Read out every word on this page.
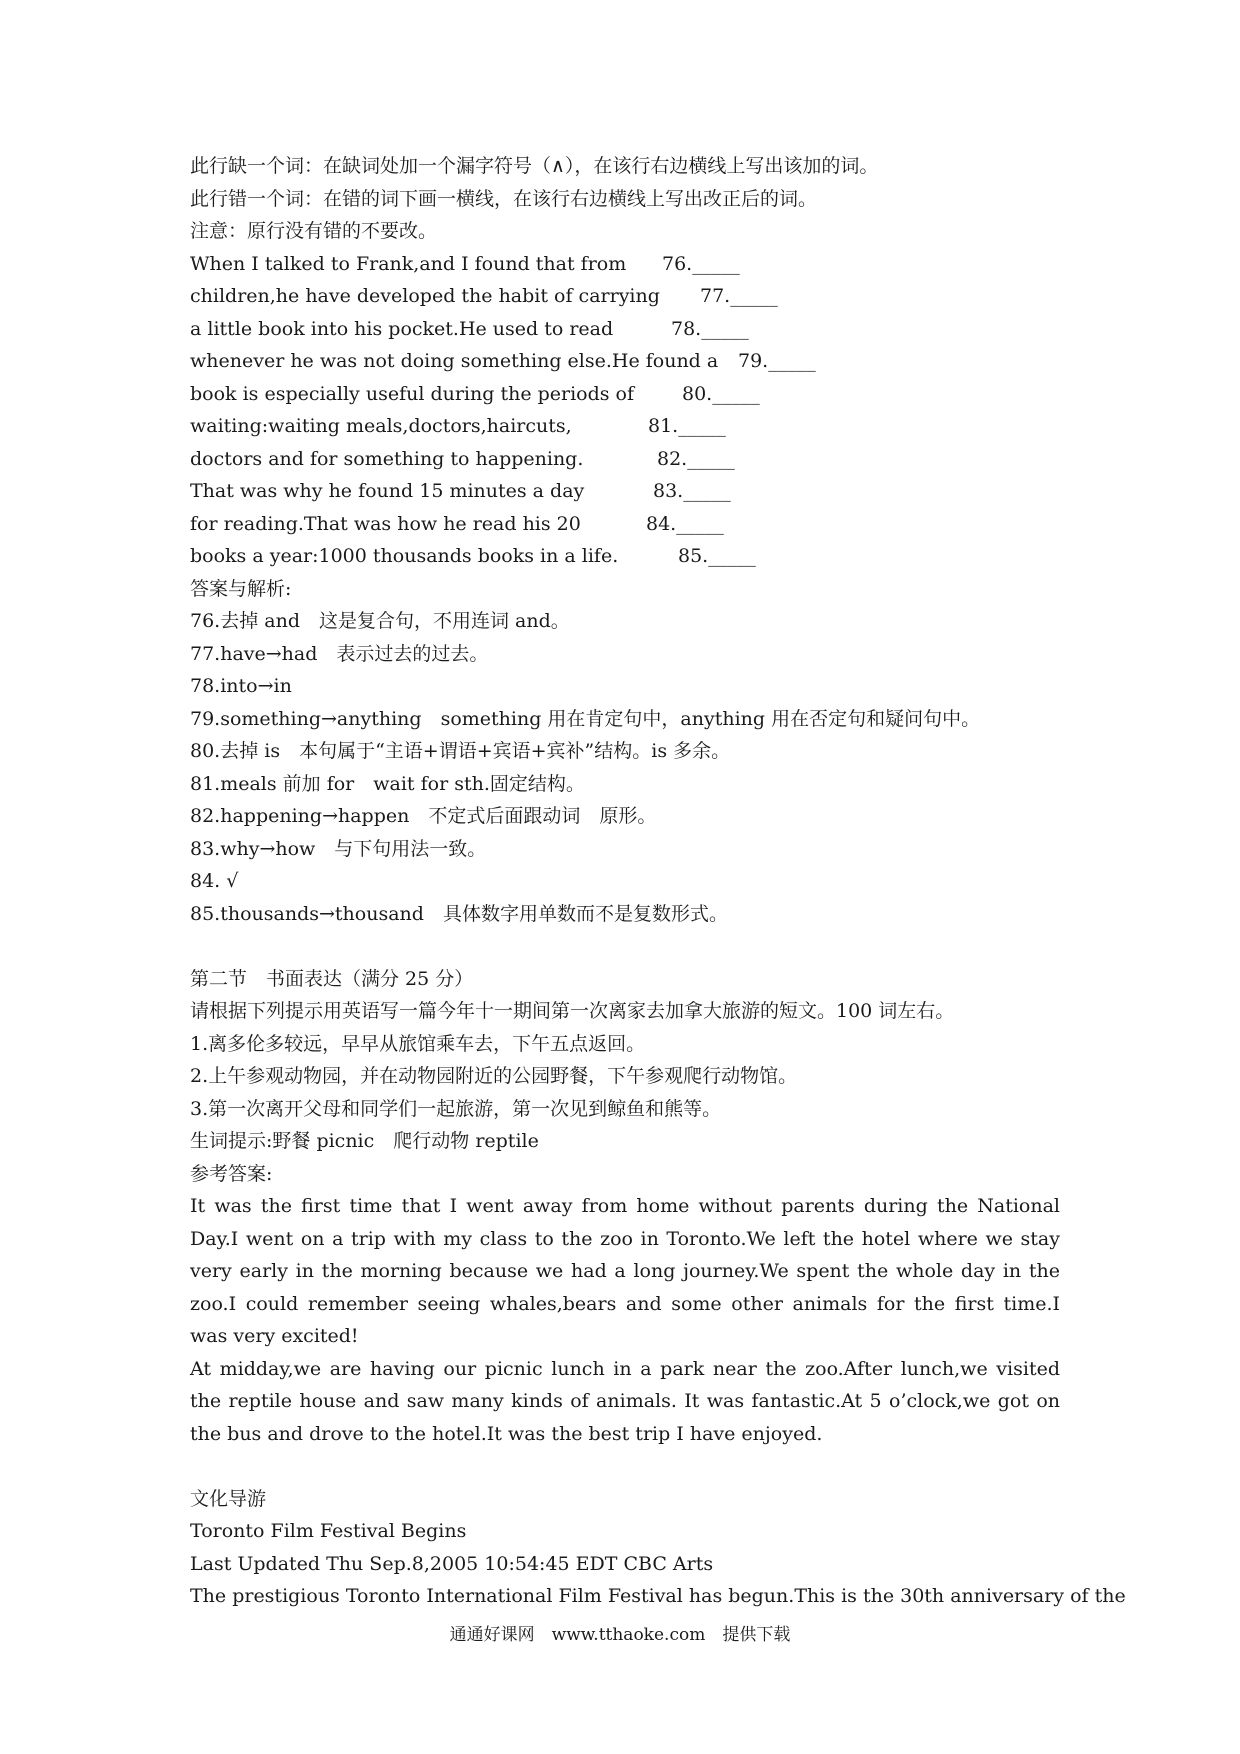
此行缺一个词：在缺词处加一个漏字符号（∧），在该行右边横线上写出该加的词。
此行错一个词：在错的词下画一横线，在该行右边横线上写出改正后的词。
注意：原行没有错的不要改。
When I talked to Frank,and I found that from 76._____
children,he have developed the habit of carrying 77._____
a little book into his pocket.He used to read	78._____
whenever he was not doing something else.He found a 79._____
book is especially useful during the periods of	80._____
waiting:waiting meals,doctors,haircuts,	81._____
doctors and for something to happening.	82._____
That was why he found 15 minutes a day	83._____
for reading.That was how he read his 20	84._____
books a year:1000 thousands books in a life.	85._____
答案与解析:
76.去掉 and　这是复合句，不用连词 and。
77.have→had　表示过去的过去。
78.into→in
79.something→anything　something 用在肯定句中，anything 用在否定句和疑问句中。
80.去掉 is　本句属于“主语+谓语+宾语+宾补”结构。is 多余。
81.meals 前加 for　wait for sth.固定结构。
82.happening→happen　不定式后面跟动词　原形。
83.why→how　与下句用法一致。
84. √
85.thousands→thousand　具体数字用单数而不是复数形式。
第二节　书面表达（满分 25 分）
请根据下列提示用英语写一篇今年十一期间第一次离家去加拿大旅游的短文。100 词左右。
1.离多伦多较远，早早从旅馆乘车去，下午五点返回。
2.上午参观动物园，并在动物园附近的公园野餐，下午参观爬行动物馆。
3.第一次离开父母和同学们一起旅游，第一次见到鲸鱼和熊等。
生词提示:野餐 picnic　爬行动物 reptile
参考答案:
It was the first time that I went away from home without parents during the National Day.I went on a trip with my class to the zoo in Toronto.We left the hotel where we stay very early in the morning because we had a long journey.We spent the whole day in the zoo.I could remember seeing whales,bears and some other animals for the first time.I was very excited!
At midday,we are having our picnic lunch in a park near the zoo.After lunch,we visited the reptile house and saw many kinds of animals. It was fantastic.At 5 o’clock,we got on the bus and drove to the hotel.It was the best trip I have enjoyed.
文化导游
Toronto Film Festival Begins
Last Updated Thu Sep.8,2005 10:54:45 EDT CBC Arts
The prestigious Toronto International Film Festival has begun.This is the 30th anniversary of the
通通好课网　www.tthaoke.com　提供下载
